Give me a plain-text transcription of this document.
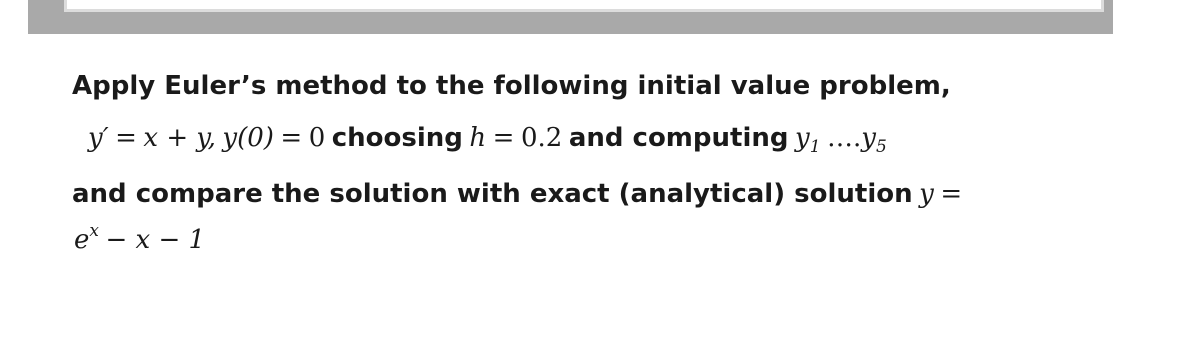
Apply Euler’s method to the following initial value problem,
y′ = x + y, y(0) = 0 choosing h = 0.2 and computing $y_1$ $\dots.y_5$
and compare the solution with exact (analytical) solution y =
$e^x - x - 1$
